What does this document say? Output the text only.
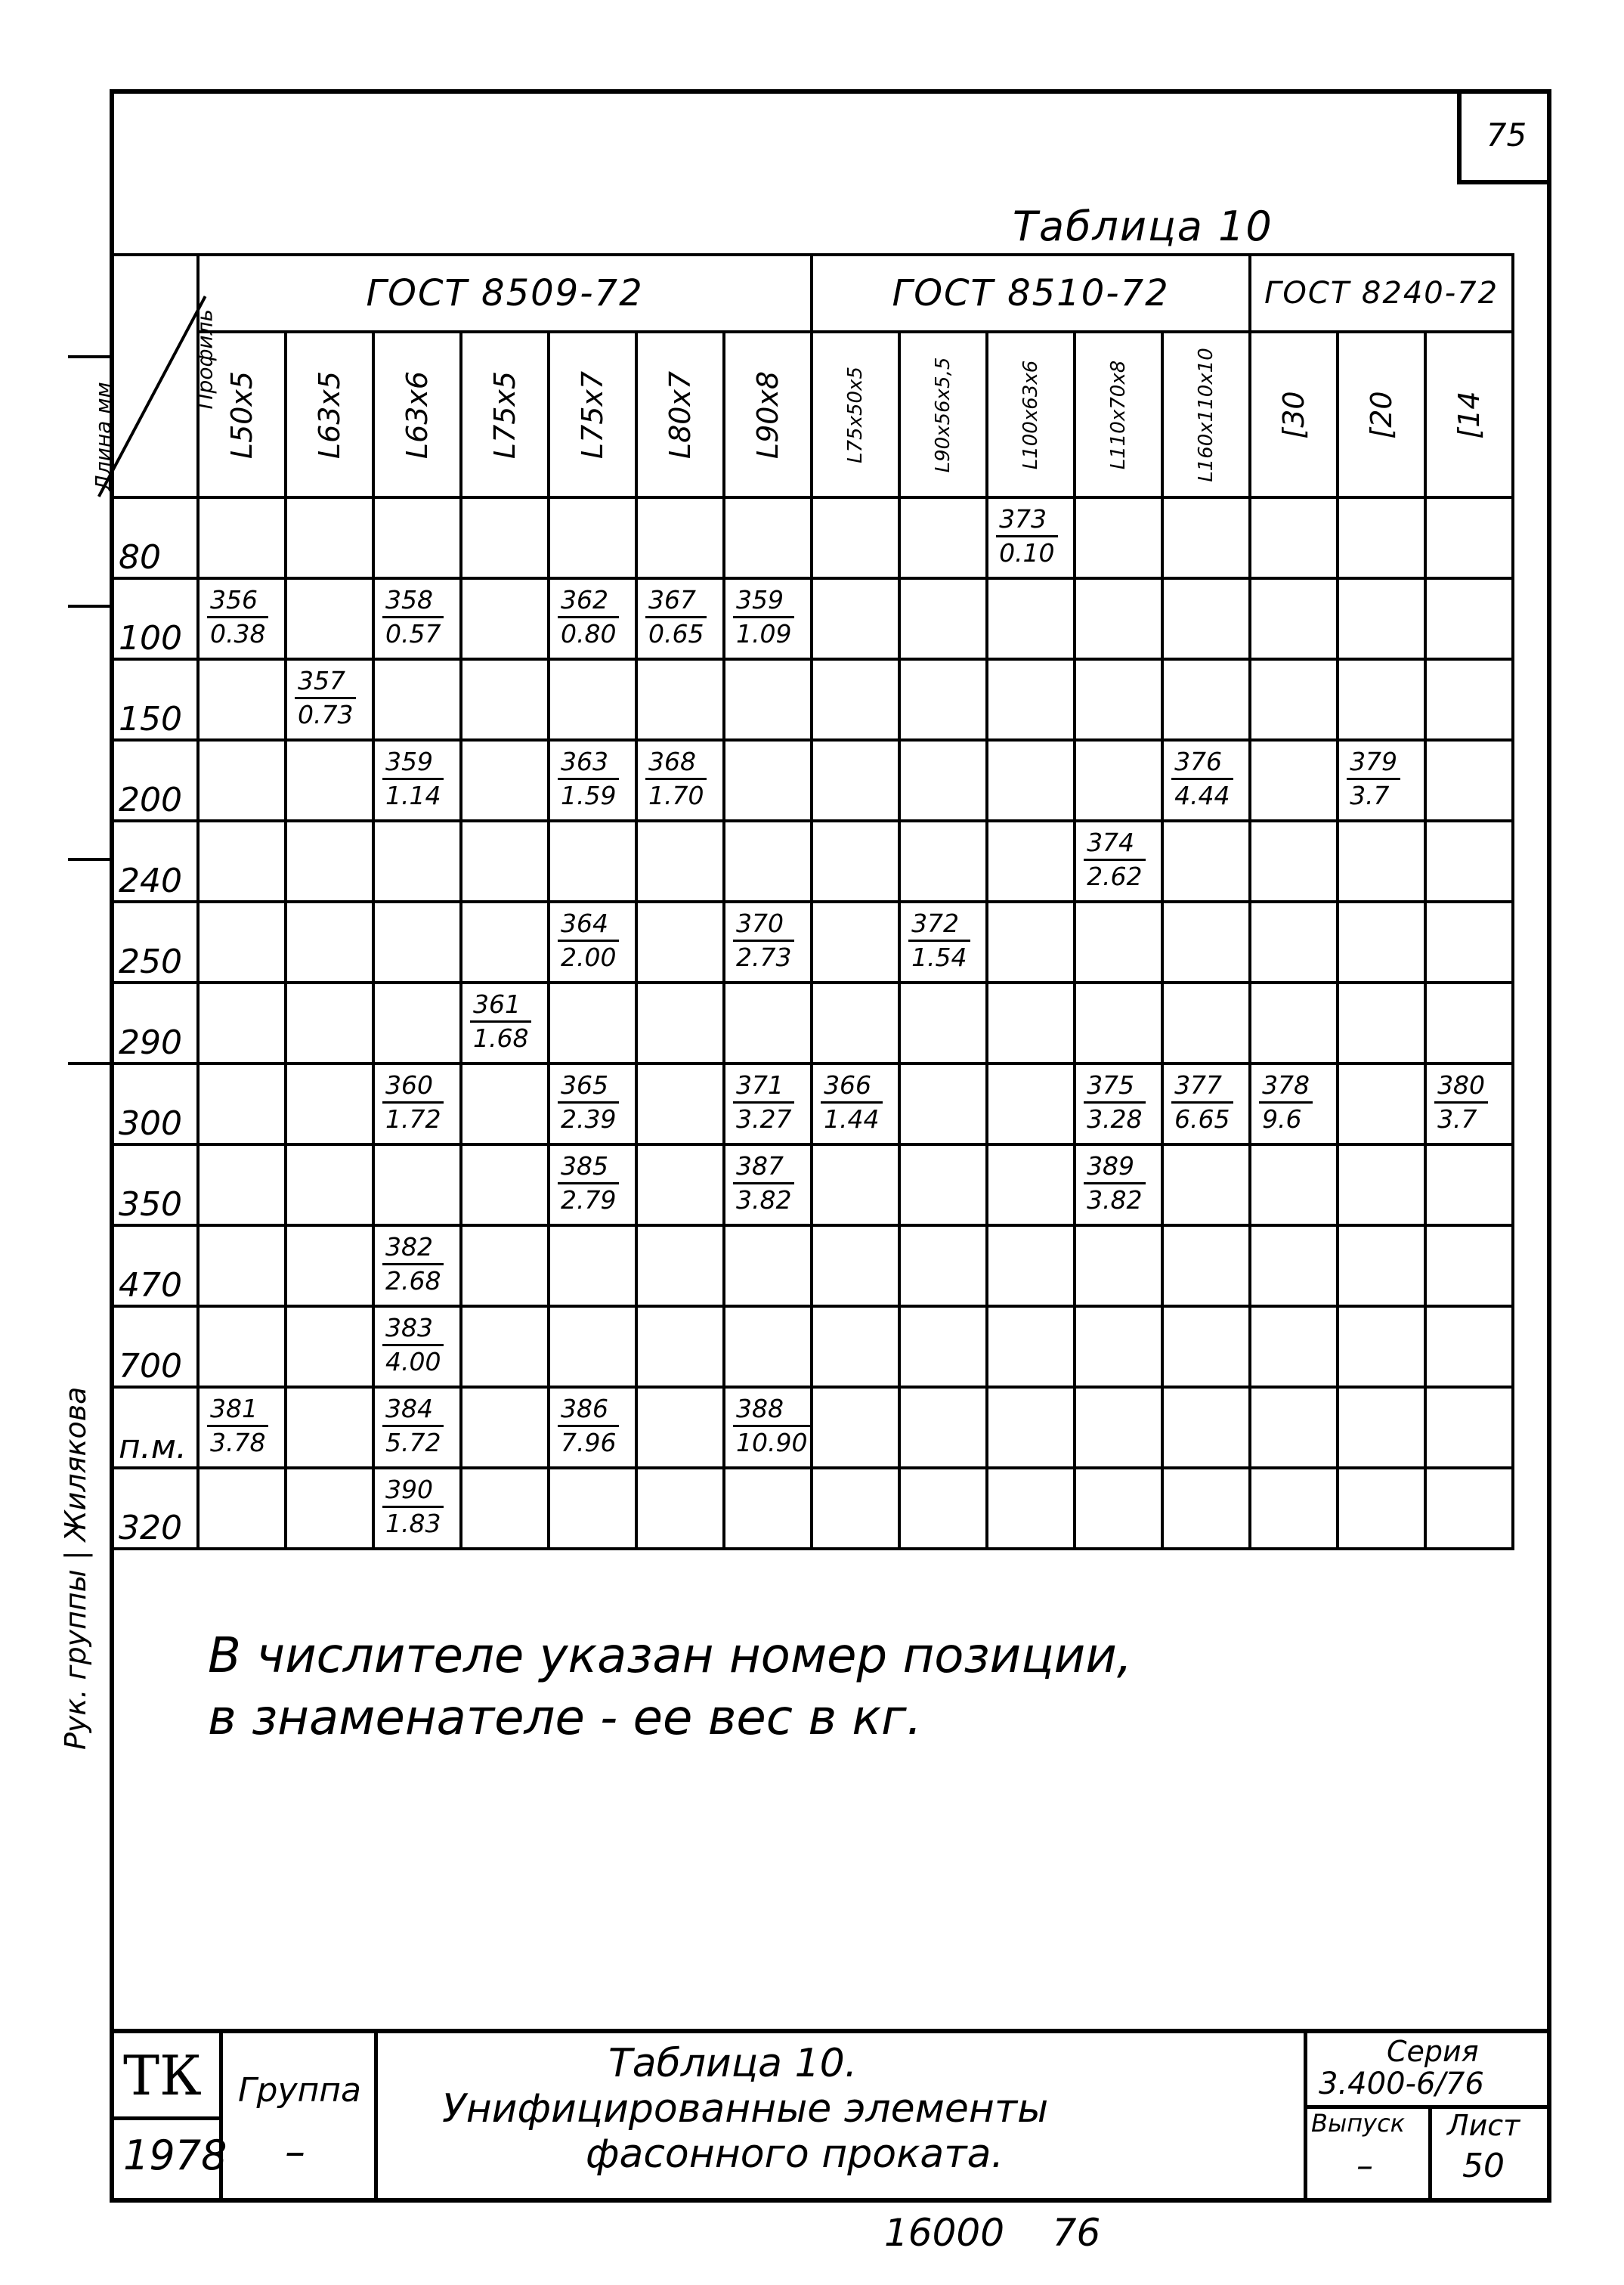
75
Таблица 10
Длина мм
Профиль	ГОСТ 8509-72							ГОСТ 8510-72					ГОСТ 8240-72		

	L50x5	L63x5	L63x6	L75x5	L75x7	L80x7	L90x8	L75x50x5	L90x56x5,5	L100x63x6	L110x70x8	L160x110x10	[30	[20	[14

80										$\frac{373}{0.10}$

100	$\frac{356}{0.38}$		$\frac{358}{0.57}$		$\frac{362}{0.80}$	$\frac{367}{0.65}$	$\frac{359}{1.09}$

150		$\frac{357}{0.73}$

200			$\frac{359}{1.14}$		$\frac{363}{1.59}$	$\frac{368}{1.70}$						$\frac{376}{4.44}$		$\frac{379}{3.7}$

240											$\frac{374}{2.62}$

250					$\frac{364}{2.00}$		$\frac{370}{2.73}$		$\frac{372}{1.54}$

290				$\frac{361}{1.68}$

300			$\frac{360}{1.72}$		$\frac{365}{2.39}$		$\frac{371}{3.27}$	$\frac{366}{1.44}$			$\frac{375}{3.28}$	$\frac{377}{6.65}$	$\frac{378}{9.6}$		$\frac{380}{3.7}$

350					$\frac{385}{2.79}$		$\frac{387}{3.82}$				$\frac{389}{3.82}$

470			$\frac{382}{2.68}$

700			$\frac{383}{4.00}$

п.м.	$\frac{381}{3.78}$		$\frac{384}{5.72}$		$\frac{386}{7.96}$		$\frac{388}{10.90}$

320			$\frac{390}{1.83}$

В числителе указан номер позиции,
в знаменателе - ее вес в кг.
Рук. группы | Жилякова
ТК
1978
Группа
–
Таблица 10.
Унифицированные элементы
фасонного проката.
Серия
3.400-6/76
Выпуск
–
Лист
50
16000    76
